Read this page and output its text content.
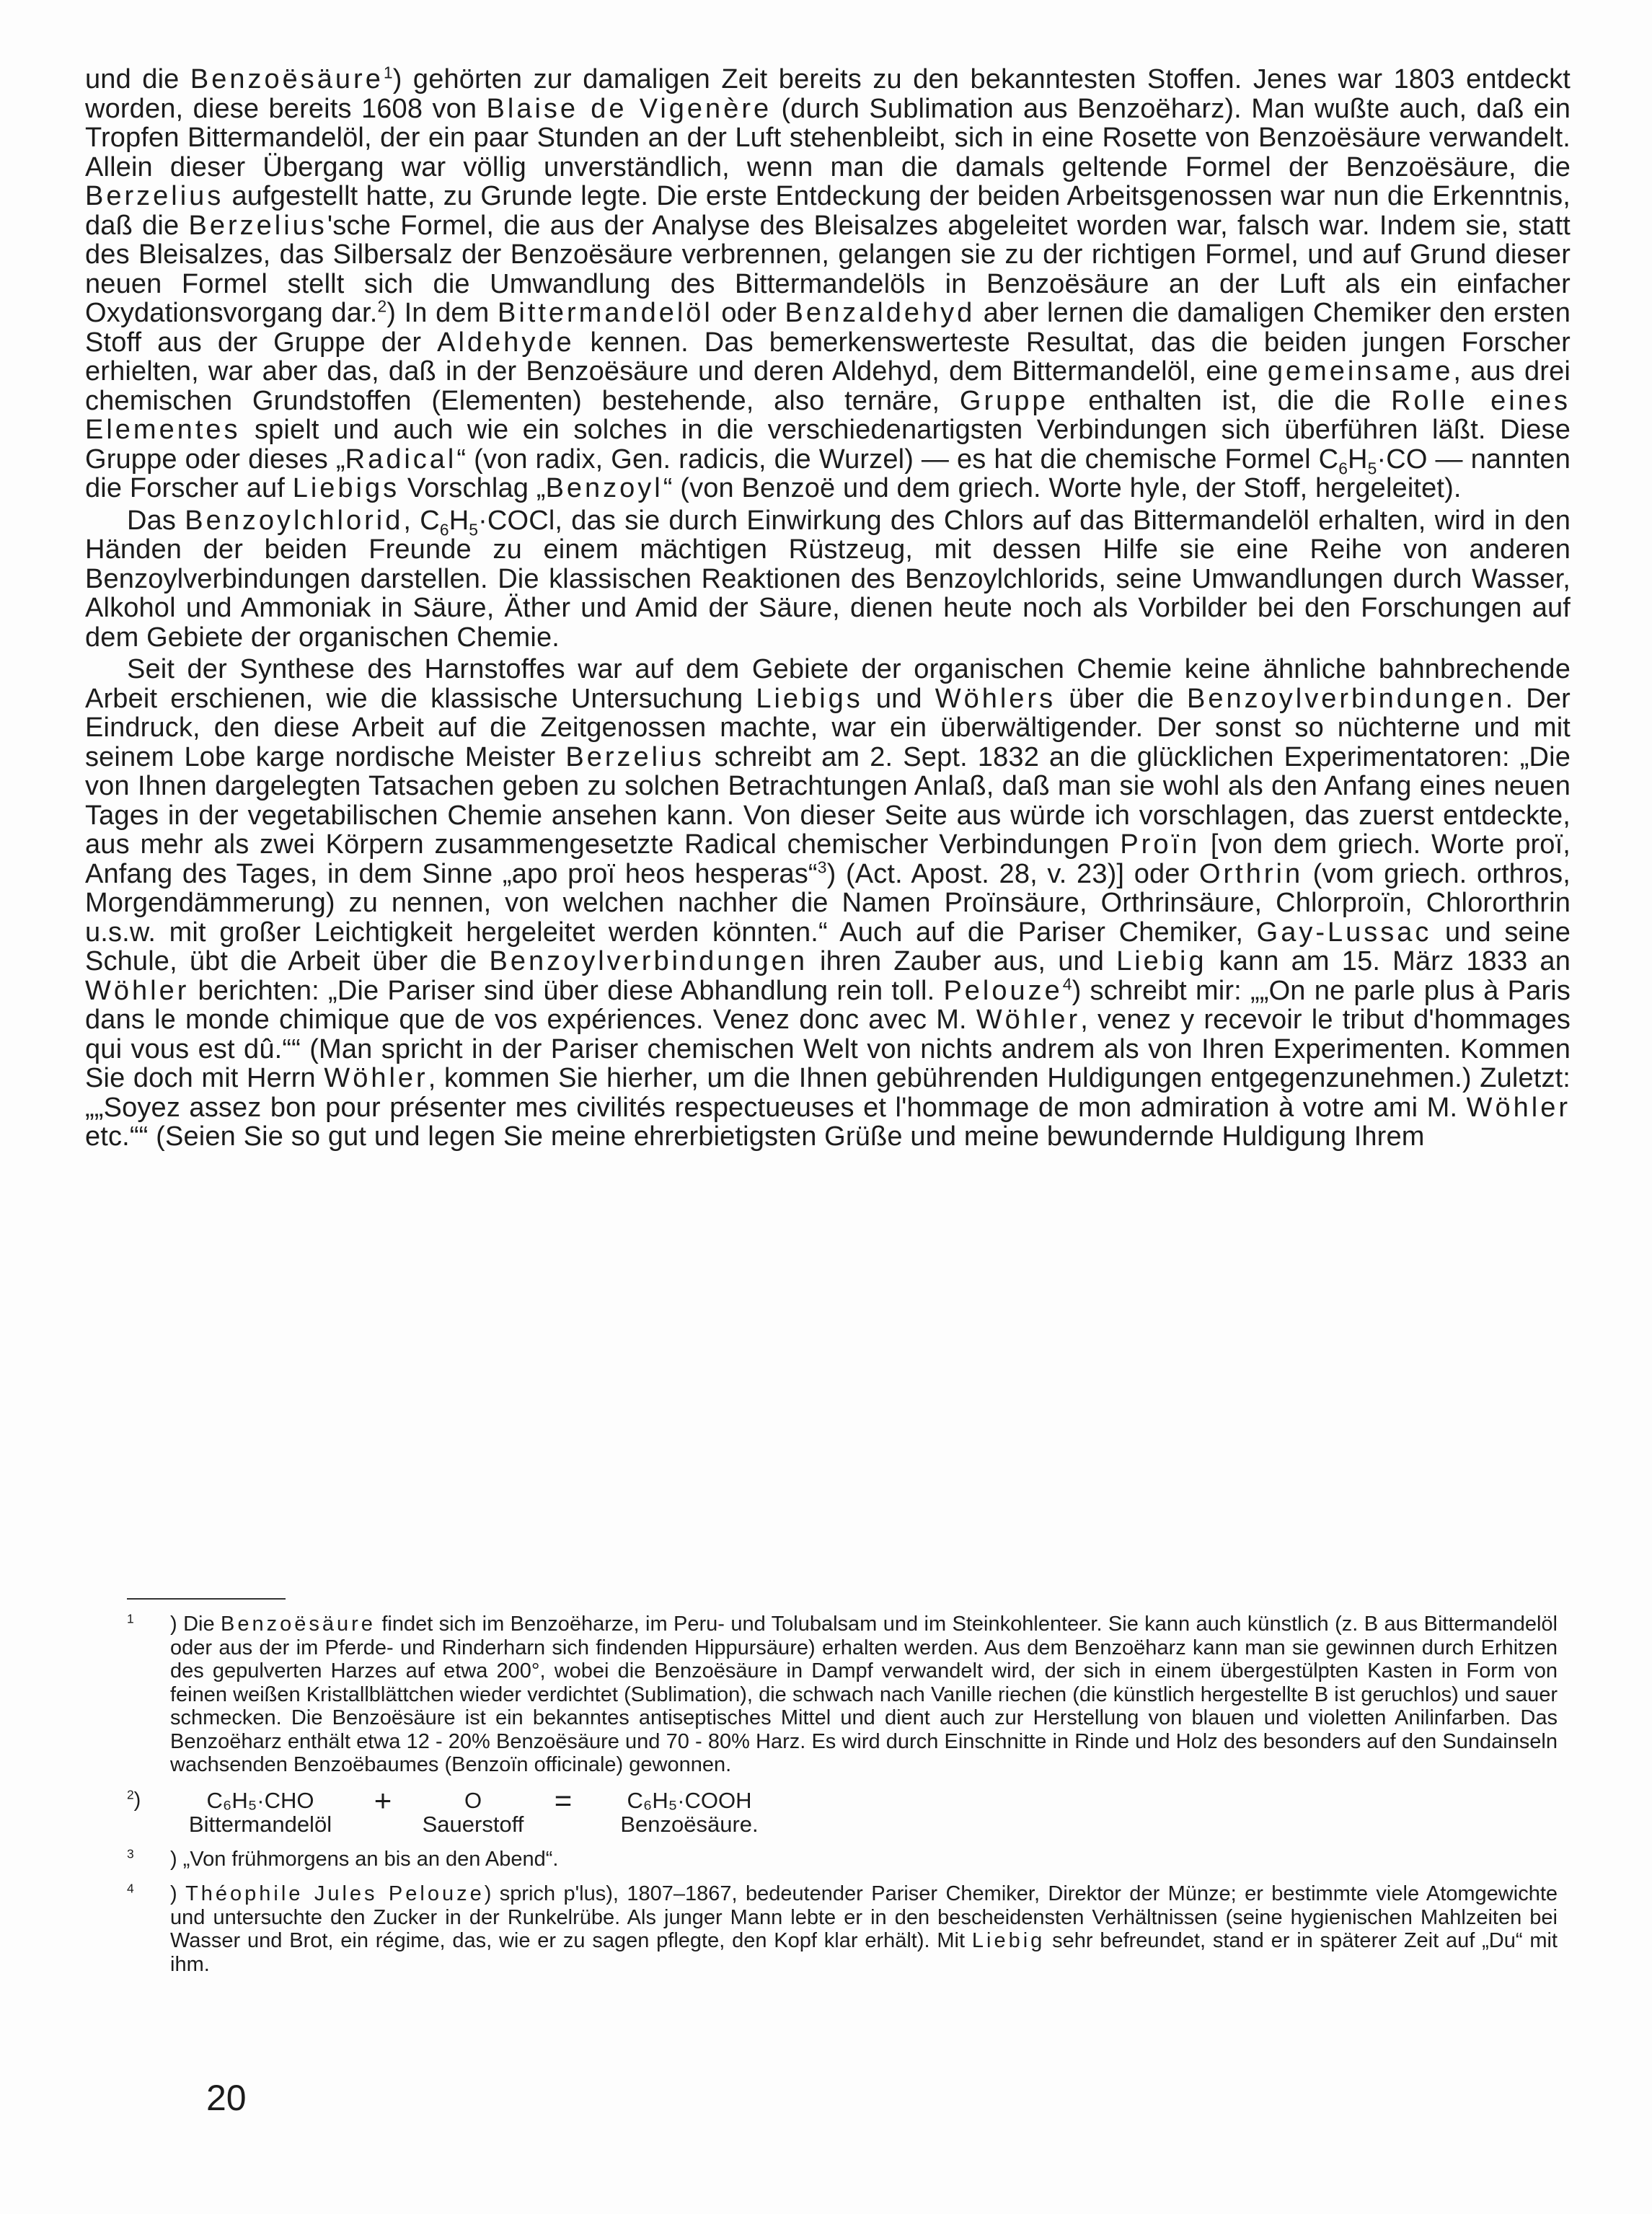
und die Benzoësäure$^1$) gehörten zur damaligen Zeit bereits zu den bekanntesten Stoffen. Jenes war 1803 entdeckt worden, diese bereits 1608 von Blaise de Vigenère (durch Sublimation aus Benzoëharz). Man wußte auch, daß ein Tropfen Bittermandelöl, der ein paar Stunden an der Luft stehenbleibt, sich in eine Rosette von Benzoësäure verwandelt. Allein dieser Übergang war völlig unverständlich, wenn man die damals geltende Formel der Benzoësäure, die Berzelius aufgestellt hatte, zu Grunde legte. Die erste Entdeckung der beiden Arbeitsgenossen war nun die Erkenntnis, daß die Berzelius'sche Formel, die aus der Analyse des Bleisalzes abgeleitet worden war, falsch war. Indem sie, statt des Bleisalzes, das Silbersalz der Benzoësäure verbrennen, gelangen sie zu der richtigen Formel, und auf Grund dieser neuen Formel stellt sich die Umwandlung des Bittermandelöls in Benzoësäure an der Luft als ein einfacher Oxydationsvorgang dar.$^2$) In dem Bittermandelöl oder Benzaldehyd aber lernen die damaligen Chemiker den ersten Stoff aus der Gruppe der Aldehyde kennen. Das bemerkenswerteste Resultat, das die beiden jungen Forscher erhielten, war aber das, daß in der Benzoësäure und deren Aldehyd, dem Bittermandelöl, eine gemeinsame, aus drei chemischen Grundstoffen (Elementen) bestehende, also ternäre, Gruppe enthalten ist, die die Rolle eines Elementes spielt und auch wie ein solches in die verschiedenartigsten Verbindungen sich überführen läßt. Diese Gruppe oder dieses „Radical“ (von radix, Gen. radicis, die Wurzel) — es hat die chemische Formel $C_6H_5\cdot CO$ — nannten die Forscher auf Liebigs Vorschlag „Benzoyl“ (von Benzoë und dem griech. Worte hyle, der Stoff, hergeleitet).

Das Benzoylchlorid, $C_6H_5\cdot COCl$, das sie durch Einwirkung des Chlors auf das Bittermandelöl erhalten, wird in den Händen der beiden Freunde zu einem mächtigen Rüstzeug, mit dessen Hilfe sie eine Reihe von anderen Benzoylverbindungen darstellen. Die klassischen Reaktionen des Benzoylchlorids, seine Umwandlungen durch Wasser, Alkohol und Ammoniak in Säure, Äther und Amid der Säure, dienen heute noch als Vorbilder bei den Forschungen auf dem Gebiete der organischen Chemie.

Seit der Synthese des Harnstoffes war auf dem Gebiete der organischen Chemie keine ähnliche bahnbrechende Arbeit erschienen, wie die klassische Untersuchung Liebigs und Wöhlers über die Benzoylverbindungen. Der Eindruck, den diese Arbeit auf die Zeitgenossen machte, war ein überwältigender. Der sonst so nüchterne und mit seinem Lobe karge nordische Meister Berzelius schreibt am 2. Sept. 1832 an die glücklichen Experimentatoren: „Die von Ihnen dargelegten Tatsachen geben zu solchen Betrachtungen Anlaß, daß man sie wohl als den Anfang eines neuen Tages in der vegetabilischen Chemie ansehen kann. Von dieser Seite aus würde ich vorschlagen, das zuerst entdeckte, aus mehr als zwei Körpern zusammengesetzte Radical chemischer Verbindungen Proïn [von dem griech. Worte proï, Anfang des Tages, in dem Sinne „apo proï heos hesperas“$^3$) (Act. Apost. 28, v. 23)] oder Orthrin (vom griech. orthros, Morgendämmerung) zu nennen, von welchen nachher die Namen Proïnsäure, Orthrinsäure, Chlorproïn, Chlororthrin u.s.w. mit großer Leichtigkeit hergeleitet werden könnten.“ Auch auf die Pariser Chemiker, Gay-Lussac und seine Schule, übt die Arbeit über die Benzoylverbindungen ihren Zauber aus, und Liebig kann am 15. März 1833 an Wöhler berichten: „Die Pariser sind über diese Abhandlung rein toll. Pelouze$^4$) schreibt mir: „„On ne parle plus à Paris dans le monde chimique que de vos expériences. Venez donc avec M. Wöhler, venez y recevoir le tribut d'hommages qui vous est dû.““ (Man spricht in der Pariser chemischen Welt von nichts andrem als von Ihren Experimenten. Kommen Sie doch mit Herrn Wöhler, kommen Sie hierher, um die Ihnen gebührenden Huldigungen entgegenzunehmen.) Zuletzt: „„Soyez assez bon pour présenter mes civilités respectueuses et l'hommage de mon admiration à votre ami M. Wöhler etc.““ (Seien Sie so gut und legen Sie meine ehrerbietigsten Grüße und meine bewundernde Huldigung Ihrem

$^1$ ) Die Benzoësäure findet sich im Benzoëharze, im Peru- und Tolubalsam und im Steinkohlenteer. Sie kann auch künstlich (z. B aus Bittermandelöl oder aus der im Pferde- und Rinderharn sich findenden Hippursäure) erhalten werden. Aus dem Benzoëharz kann man sie gewinnen durch Erhitzen des gepulverten Harzes auf etwa 200°, wobei die Benzoësäure in Dampf verwandelt wird, der sich in einem übergestülpten Kasten in Form von feinen weißen Kristallblättchen wieder verdichtet (Sublimation), die schwach nach Vanille riechen (die künstlich hergestellte B ist geruchlos) und sauer schmecken. Die Benzoësäure ist ein bekanntes antiseptisches Mittel und dient auch zur Herstellung von blauen und violetten Anilinfarben. Das Benzoëharz enthält etwa 12 - 20% Benzoësäure und 70 - 80% Harz. Es wird durch Einschnitte in Rinde und Holz des besonders auf den Sundainseln wachsenden Benzoëbaumes (Benzoïn officinale) gewonnen.
$^2$)	C₆H₅·CHO	+	O	=	C₆H₅·COOH
Bittermandelöl	Sauerstoff	Benzoësäure.
$^3$ ) „Von frühmorgens an bis an den Abend“.
$^4$ ) Théophile Jules Pelouze) sprich p'lus), 1807–1867, bedeutender Pariser Chemiker, Direktor der Münze; er bestimmte viele Atomgewichte und untersuchte den Zucker in der Runkelrübe. Als junger Mann lebte er in den bescheidensten Verhältnissen (seine hygienischen Mahlzeiten bei Wasser und Brot, ein régime, das, wie er zu sagen pflegte, den Kopf klar erhält). Mit Liebig sehr befreundet, stand er in späterer Zeit auf „Du“ mit ihm.
20
